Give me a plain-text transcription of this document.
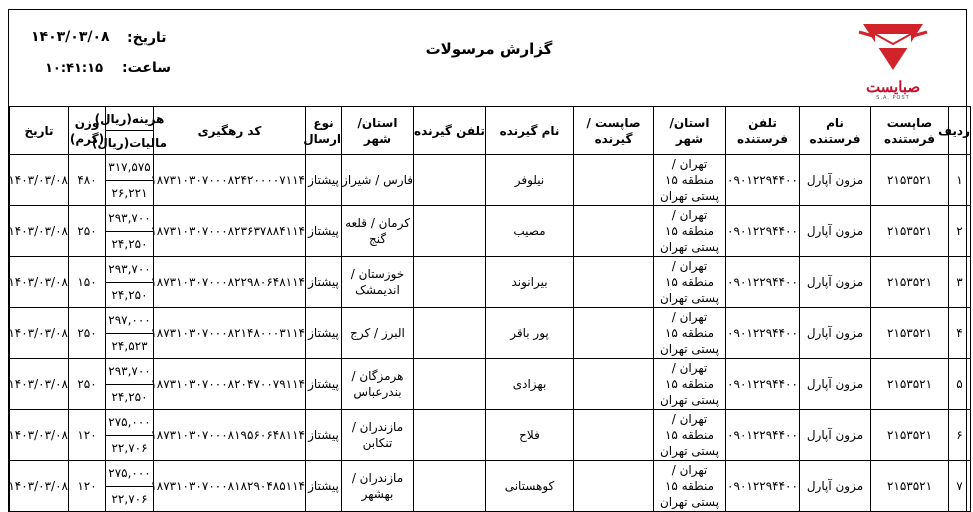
تاریخ:
۱۴۰۳/۰۳/۰۸
ساعت:
۱۰:۴۱:۱۵
گزارش مرسولات
صبایست
S.A. POST
ردیف	صاپست فرستنده	نام فرستنده	تلفن فرستنده	استان/ شهر	صاپست / گیرنده	نام گیرنده	تلفن گیرنده	استان/ شهر	نوع ارسال	کد رهگیری	هزینه(ریال)
مالیات(ریال)	وزن (گرم)	تاریخ
۱	۲۱۵۳۵۲۱	مزون آپارل	۰۹۰۱۲۲۹۴۴۰۰	تهران / منطقه ۱۵ پستی تهران		نیلوفر		فارس / شیراز	پیشتاز	۱۸۷۳۱۰۳۰۷۰۰۰۸۲۴۲۰۰۰۰۷۱۱۴	۳۱۷,۵۷۵
۲۶,۲۲۱	۴۸۰	۱۴۰۳/۰۳/۰۸
۲	۲۱۵۳۵۲۱	مزون آپارل	۰۹۰۱۲۲۹۴۴۰۰	تهران / منطقه ۱۵ پستی تهران		مصیب		کرمان / قلعه گنج	پیشتاز	۱۸۷۳۱۰۳۰۷۰۰۰۸۲۳۶۳۷۸۸۴۱۱۴	۲۹۳,۷۰۰
۲۴,۲۵۰	۲۵۰	۱۴۰۳/۰۳/۰۸
۳	۲۱۵۳۵۲۱	مزون آپارل	۰۹۰۱۲۲۹۴۴۰۰	تهران / منطقه ۱۵ پستی تهران		بیرانوند		خوزستان / اندیمشک	پیشتاز	۱۸۷۳۱۰۳۰۷۰۰۰۸۲۲۹۸۰۶۴۸۱۱۴	۲۹۳,۷۰۰
۲۴,۲۵۰	۱۵۰	۱۴۰۳/۰۳/۰۸
۴	۲۱۵۳۵۲۱	مزون آپارل	۰۹۰۱۲۲۹۴۴۰۰	تهران / منطقه ۱۵ پستی تهران		پور باقر		البرز / کرج	پیشتاز	۱۸۷۳۱۰۳۰۷۰۰۰۸۲۱۴۸۰۰۰۳۱۱۴	۲۹۷,۰۰۰
۲۴,۵۲۳	۲۵۰	۱۴۰۳/۰۳/۰۸
۵	۲۱۵۳۵۲۱	مزون آپارل	۰۹۰۱۲۲۹۴۴۰۰	تهران / منطقه ۱۵ پستی تهران		بهزادی		هرمزگان / بندرعباس	پیشتاز	۱۸۷۳۱۰۳۰۷۰۰۰۸۲۰۴۷۰۰۷۹۱۱۴	۲۹۳,۷۰۰
۲۴,۲۵۰	۲۵۰	۱۴۰۳/۰۳/۰۸
۶	۲۱۵۳۵۲۱	مزون آپارل	۰۹۰۱۲۲۹۴۴۰۰	تهران / منطقه ۱۵ پستی تهران		فلاح		مازندران / تنکابن	پیشتاز	۱۸۷۳۱۰۳۰۷۰۰۰۸۱۹۵۶۰۶۴۸۱۱۴	۲۷۵,۰۰۰
۲۲,۷۰۶	۱۲۰	۱۴۰۳/۰۳/۰۸
۷	۲۱۵۳۵۲۱	مزون آپارل	۰۹۰۱۲۲۹۴۴۰۰	تهران / منطقه ۱۵ پستی تهران		کوهستانی		مازندران / بهشهر	پیشتاز	۱۸۷۳۱۰۳۰۷۰۰۰۸۱۸۲۹۰۴۸۵۱۱۴	۲۷۵,۰۰۰
۲۲,۷۰۶	۱۲۰	۱۴۰۳/۰۳/۰۸
